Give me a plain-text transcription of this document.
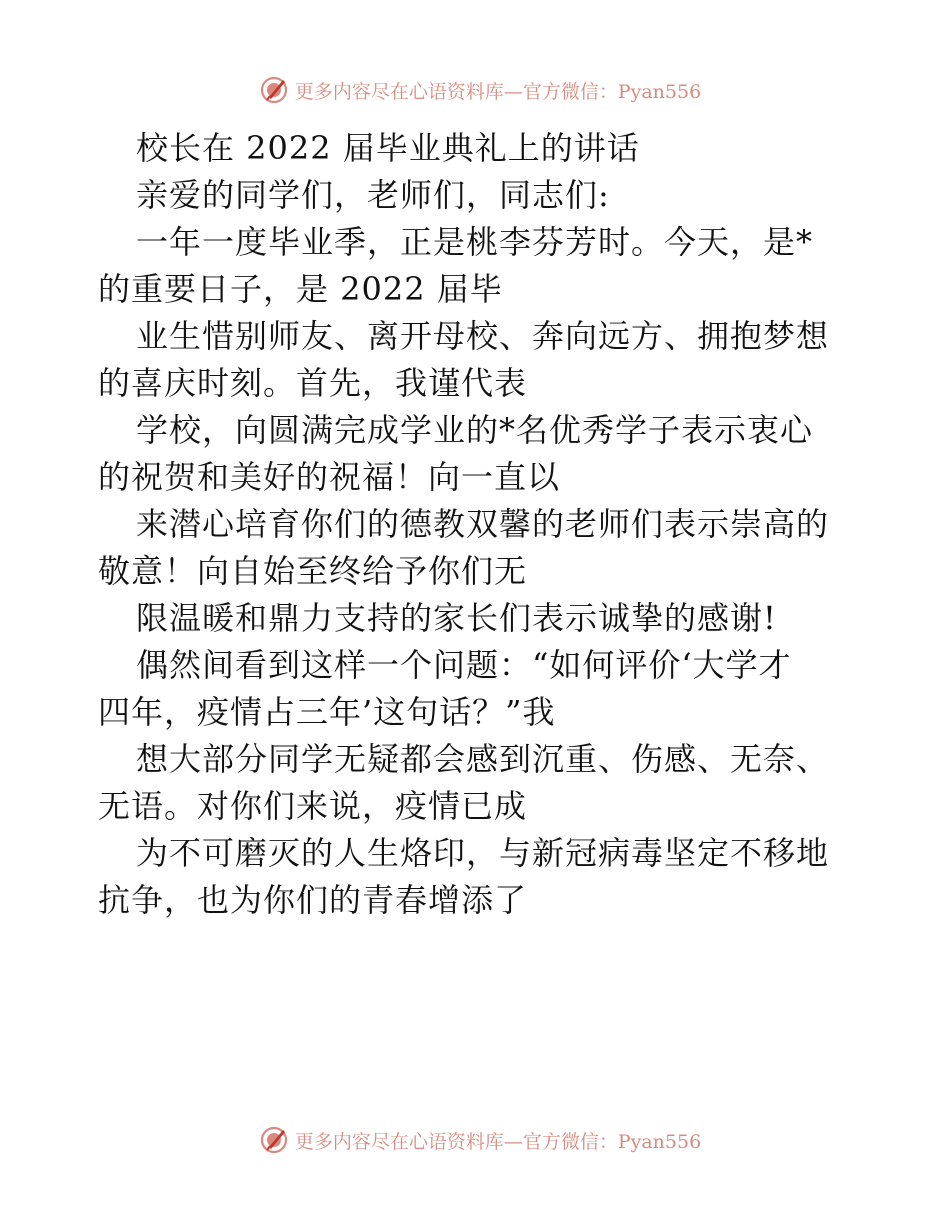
更多内容尽在心语资料库—官方微信：Pyan556
校长在 2022 届毕业典礼上的讲话
亲爱的同学们，老师们，同志们:
一年一度毕业季，正是桃李芬芳时。今天，是*
的重要日子，是 2022 届毕
业生惜别师友、离开母校、奔向远方、拥抱梦想
的喜庆时刻。首先，我谨代表
学校，向圆满完成学业的*名优秀学子表示衷心
的祝贺和美好的祝福！向一直以
来潜心培育你们的德教双馨的老师们表示崇高的
敬意！向自始至终给予你们无
限温暖和鼎力支持的家长们表示诚挚的感谢!
偶然间看到这样一个问题：“如何评价‘大学才
四年，疫情占三年’这句话？”我
想大部分同学无疑都会感到沉重、伤感、无奈、
无语。对你们来说，疫情已成
为不可磨灭的人生烙印，与新冠病毒坚定不移地
抗争，也为你们的青春增添了
更多内容尽在心语资料库—官方微信：Pyan556
